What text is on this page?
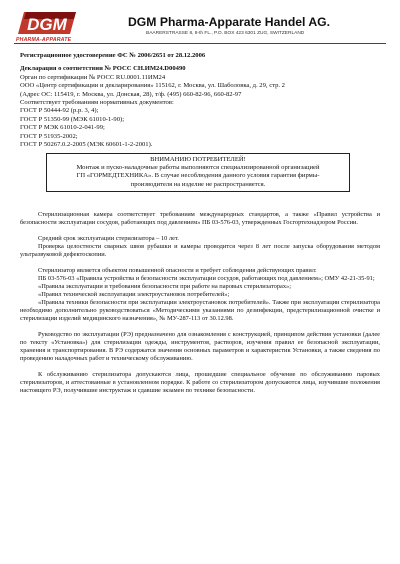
DGM
PHARMA-APPARATE
DGM Pharma-Apparate Handel AG.
BAARERSTRASSE 8, 8-th FL., P.O. BOX 423 6301 ZUG, SWITZERLAND
Регистрационное удостоверение ФС № 2006/2651 от 28.12.2006
Декларация о соответствии № РОСС CH.ИМ24.D00490
Орган по сертификации № РОСС RU.0001.11ИМ24
ООО «Центр сертификации и декларирования» 115162, г. Москва, ул. Шаболовка, д. 29, стр. 2
(Адрес ОС: 115419, г. Москва, ул. Донская, 28), т/ф. (495) 660-82-96, 660-82-97
Соответствует требованиям нормативных документов:
ГОСТ Р 50444-92 (р.р. 3, 4);
ГОСТ Р 51350-99 (МЭК 61010-1-90);
ГОСТ Р МЭК 61010-2-041-99;
ГОСТ Р 51935-2002;
ГОСТ Р 50267.0.2-2005 (МЭК 60601-1-2-2001).
ВНИМАНИЮ ПОТРЕБИТЕЛЕЙ!
Монтаж и пуско-наладочные работы выполняются специализированной организацией
ГП «ГОРМЕДТЕХНИКА». В случае несоблюдения данного условия гарантия фирмы-
производителя на изделие не распространяется.

Стерилизационная камера соответствует требованиям международных стандартов, а также «Правил устройства и безопасности эксплуатации сосудов, работающих под давлением» ПБ 03-576-03, утвержденных Госгортехнадзором России.

Средний срок эксплуатации стерилизатора – 10 лет.

Проверка целостности сварных швов рубашки и камеры проводится через 8 лет после запуска оборудования методом ультразвуковой дефектоскопии.

Стерилизатор является объектом повышенной опасности и требует соблюдения действующих правил:

ПБ 03-576-03 «Правила устройства и безопасности эксплуатации сосудов, работающих под давлением»; ОМУ 42-21-35-91;

«Правила эксплуатации и требования безопасности при работе на паровых стерилизаторах»;

«Правил технической эксплуатации электроустановок потребителей»;

«Правила техники безопасности при эксплуатации электроустановок потребителей». Также при эксплуатации стерилизатора необходимо дополнительно руководствоваться «Методическими указаниями по дезинфекции, предстерилизационной очистке и стерилизации изделий медицинского назначения», № МУ-287-113 от 30.12.98.

Руководство по эксплуатации (РЭ) предназначено для ознакомления с конструкцией, принципом действия установки (далее по тексту «Установка») для стерилизации одежды, инструментов, растворов, изучения правил ее безопасной эксплуатации, хранения и транспортирования. В РЭ содержатся значения основных параметров и характеристик Установки, а также сведения по проведению наладочных работ и техническому обслуживанию.

К обслуживанию стерилизатора допускаются лица, прошедшие специальное обучение по обслуживанию паровых стерилизаторов, и аттестованные в установленном порядке. К работе со стерилизатором допускаются лица, изучившие положения настоящего РЭ, получившие инструктаж и сдавшие экзамен по технике безопасности.
